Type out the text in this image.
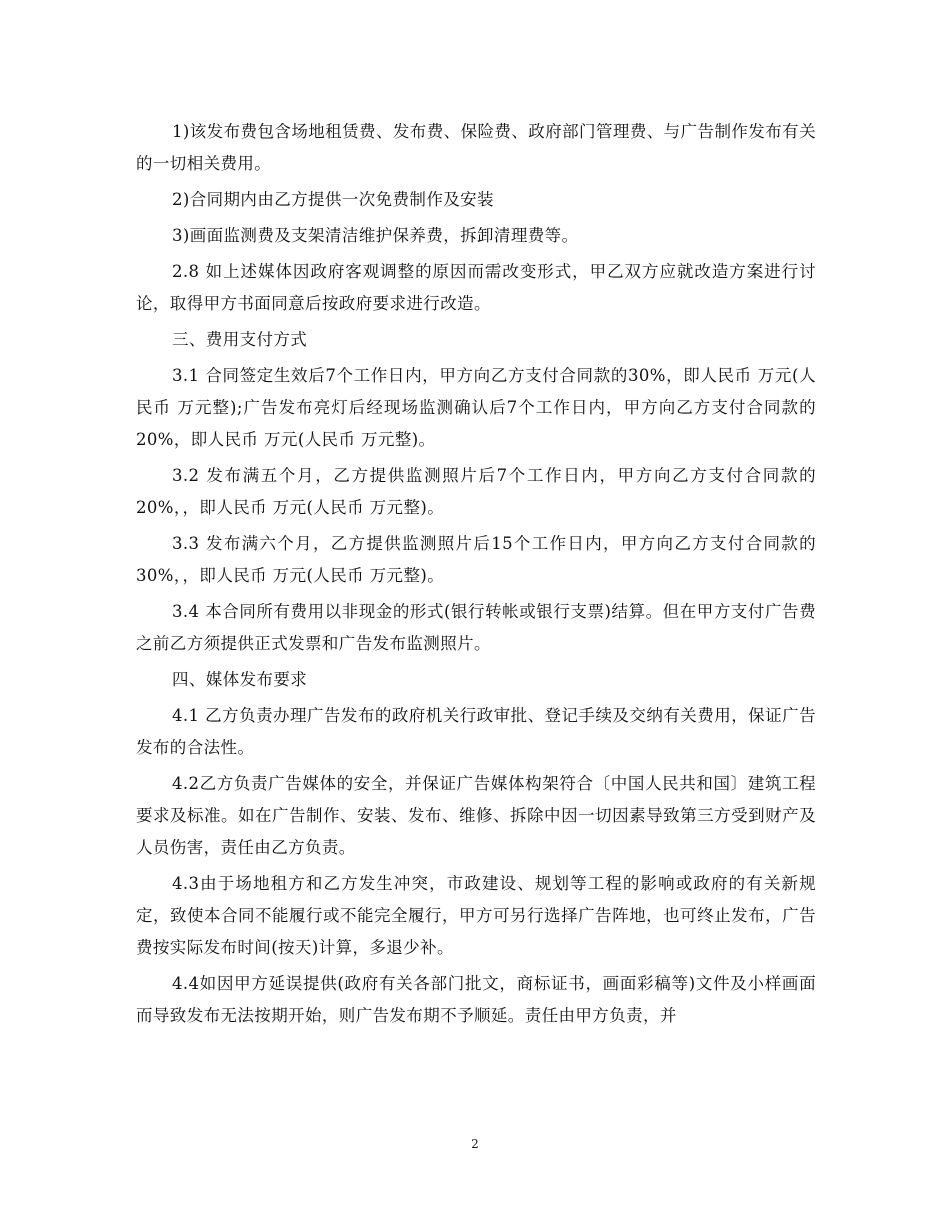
1)该发布费包含场地租赁费、发布费、保险费、政府部门管理费、与广告制作发布有关的一切相关费用。

2)合同期内由乙方提供一次免费制作及安装

3)画面监测费及支架清洁维护保养费，拆卸清理费等。

2.8 如上述媒体因政府客观调整的原因而需改变形式，甲乙双方应就改造方案进行讨论，取得甲方书面同意后按政府要求进行改造。

三、费用支付方式

3.1 合同签定生效后7个工作日内，甲方向乙方支付合同款的30%，即人民币 万元(人民币 万元整);广告发布亮灯后经现场监测确认后7个工作日内，甲方向乙方支付合同款的20%，即人民币 万元(人民币 万元整)。

3.2 发布满五个月，乙方提供监测照片后7个工作日内，甲方向乙方支付合同款的20%，，即人民币 万元(人民币 万元整)。

3.3 发布满六个月，乙方提供监测照片后15个工作日内，甲方向乙方支付合同款的30%，，即人民币 万元(人民币 万元整)。

3.4 本合同所有费用以非现金的形式(银行转帐或银行支票)结算。但在甲方支付广告费之前乙方须提供正式发票和广告发布监测照片。

四、媒体发布要求

4.1 乙方负责办理广告发布的政府机关行政审批、登记手续及交纳有关费用，保证广告发布的合法性。

4.2乙方负责广告媒体的安全，并保证广告媒体构架符合〔中国人民共和国〕建筑工程要求及标准。如在广告制作、安装、发布、维修、拆除中因一切因素导致第三方受到财产及人员伤害，责任由乙方负责。

4.3由于场地租方和乙方发生冲突，市政建设、规划等工程的影响或政府的有关新规定，致使本合同不能履行或不能完全履行，甲方可另行选择广告阵地，也可终止发布，广告费按实际发布时间(按天)计算，多退少补。

4.4如因甲方延误提供(政府有关各部门批文，商标证书，画面彩稿等)文件及小样画面而导致发布无法按期开始，则广告发布期不予顺延。责任由甲方负责，并

2
